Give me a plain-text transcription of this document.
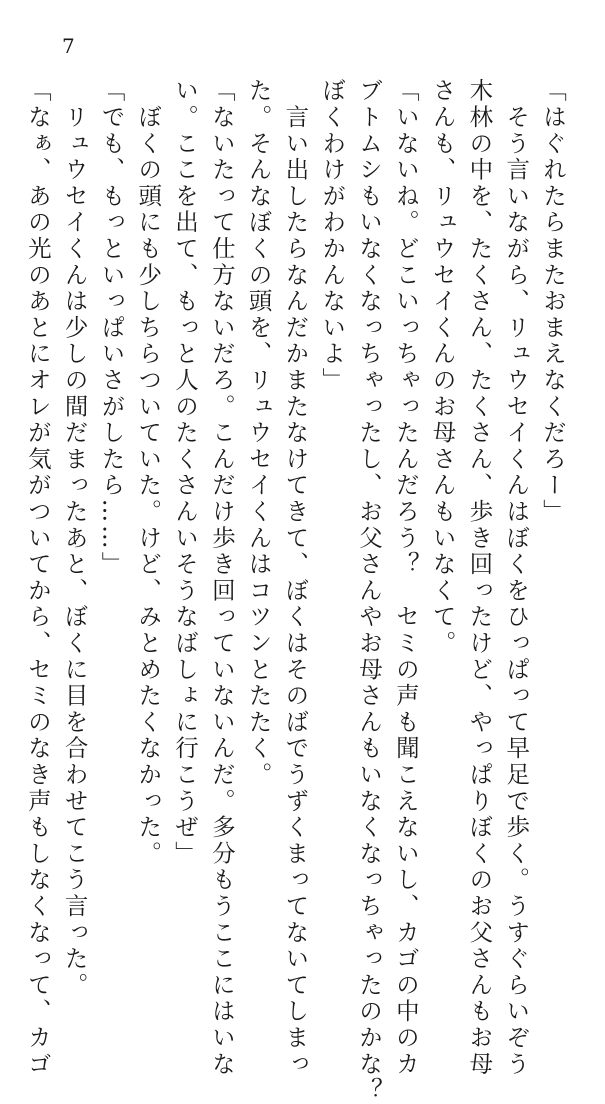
7
「はぐれたらまたおまえなくだろー」
　そう言いながら、リュウセイくんはぼくをひっぱって早足で歩く。うすぐらいぞう
木林の中を、たくさん、たくさん、歩き回ったけど、やっぱりぼくのお父さんもお母
さんも、リュウセイくんのお母さんもいなくて。
「いないね。どこいっちゃったんだろう？　セミの声も聞こえないし、カゴの中のカ
ブトムシもいなくなっちゃったし、お父さんやお母さんもいなくなっちゃったのかな？
ぼくわけがわかんないよ」
　言い出したらなんだかまたなけてきて、ぼくはそのばでうずくまってないてしまっ
た。そんなぼくの頭を、リュウセイくんはコツンとたたく。
「ないたって仕方ないだろ。こんだけ歩き回っていないんだ。多分もうここにはいな
い。ここを出て、もっと人のたくさんいそうなばしょに行こうぜ」
　ぼくの頭にも少しちらついていた。けど、みとめたくなかった。
「でも、もっといっぱいさがしたら……」
　リュウセイくんは少しの間だまったあと、ぼくに目を合わせてこう言った。
「なぁ、あの光のあとにオレが気がついてから、セミのなき声もしなくなって、カゴ
